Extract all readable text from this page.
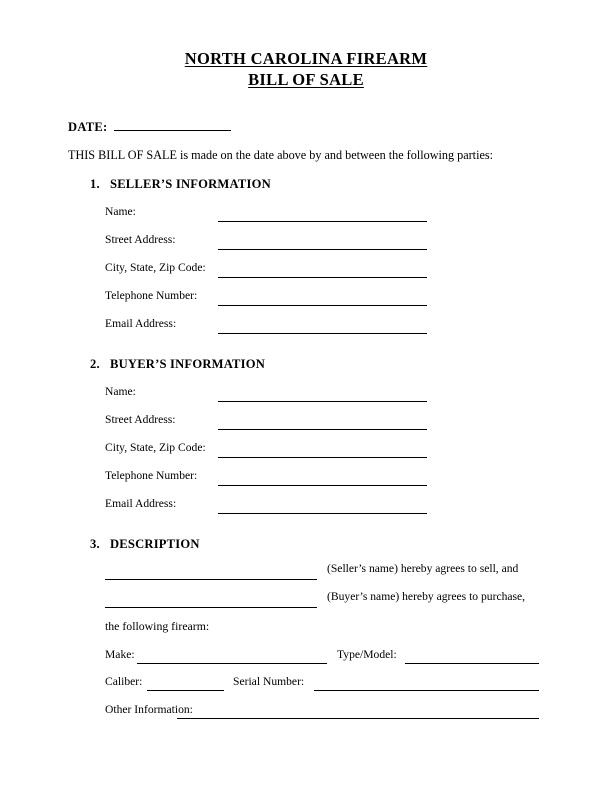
NORTH CAROLINA FIREARM
BILL OF SALE
DATE:
THIS BILL OF SALE is made on the date above by and between the following parties:
1. SELLER’S INFORMATION
Name:
Street Address:
City, State, Zip Code:
Telephone Number:
Email Address:
2. BUYER’S INFORMATION
Name:
Street Address:
City, State, Zip Code:
Telephone Number:
Email Address:
3. DESCRIPTION
(Seller’s name) hereby agrees to sell, and
(Buyer’s name) hereby agrees to purchase,
the following firearm:
Make:	Type/Model:
Caliber:	Serial Number:
Other Information:
